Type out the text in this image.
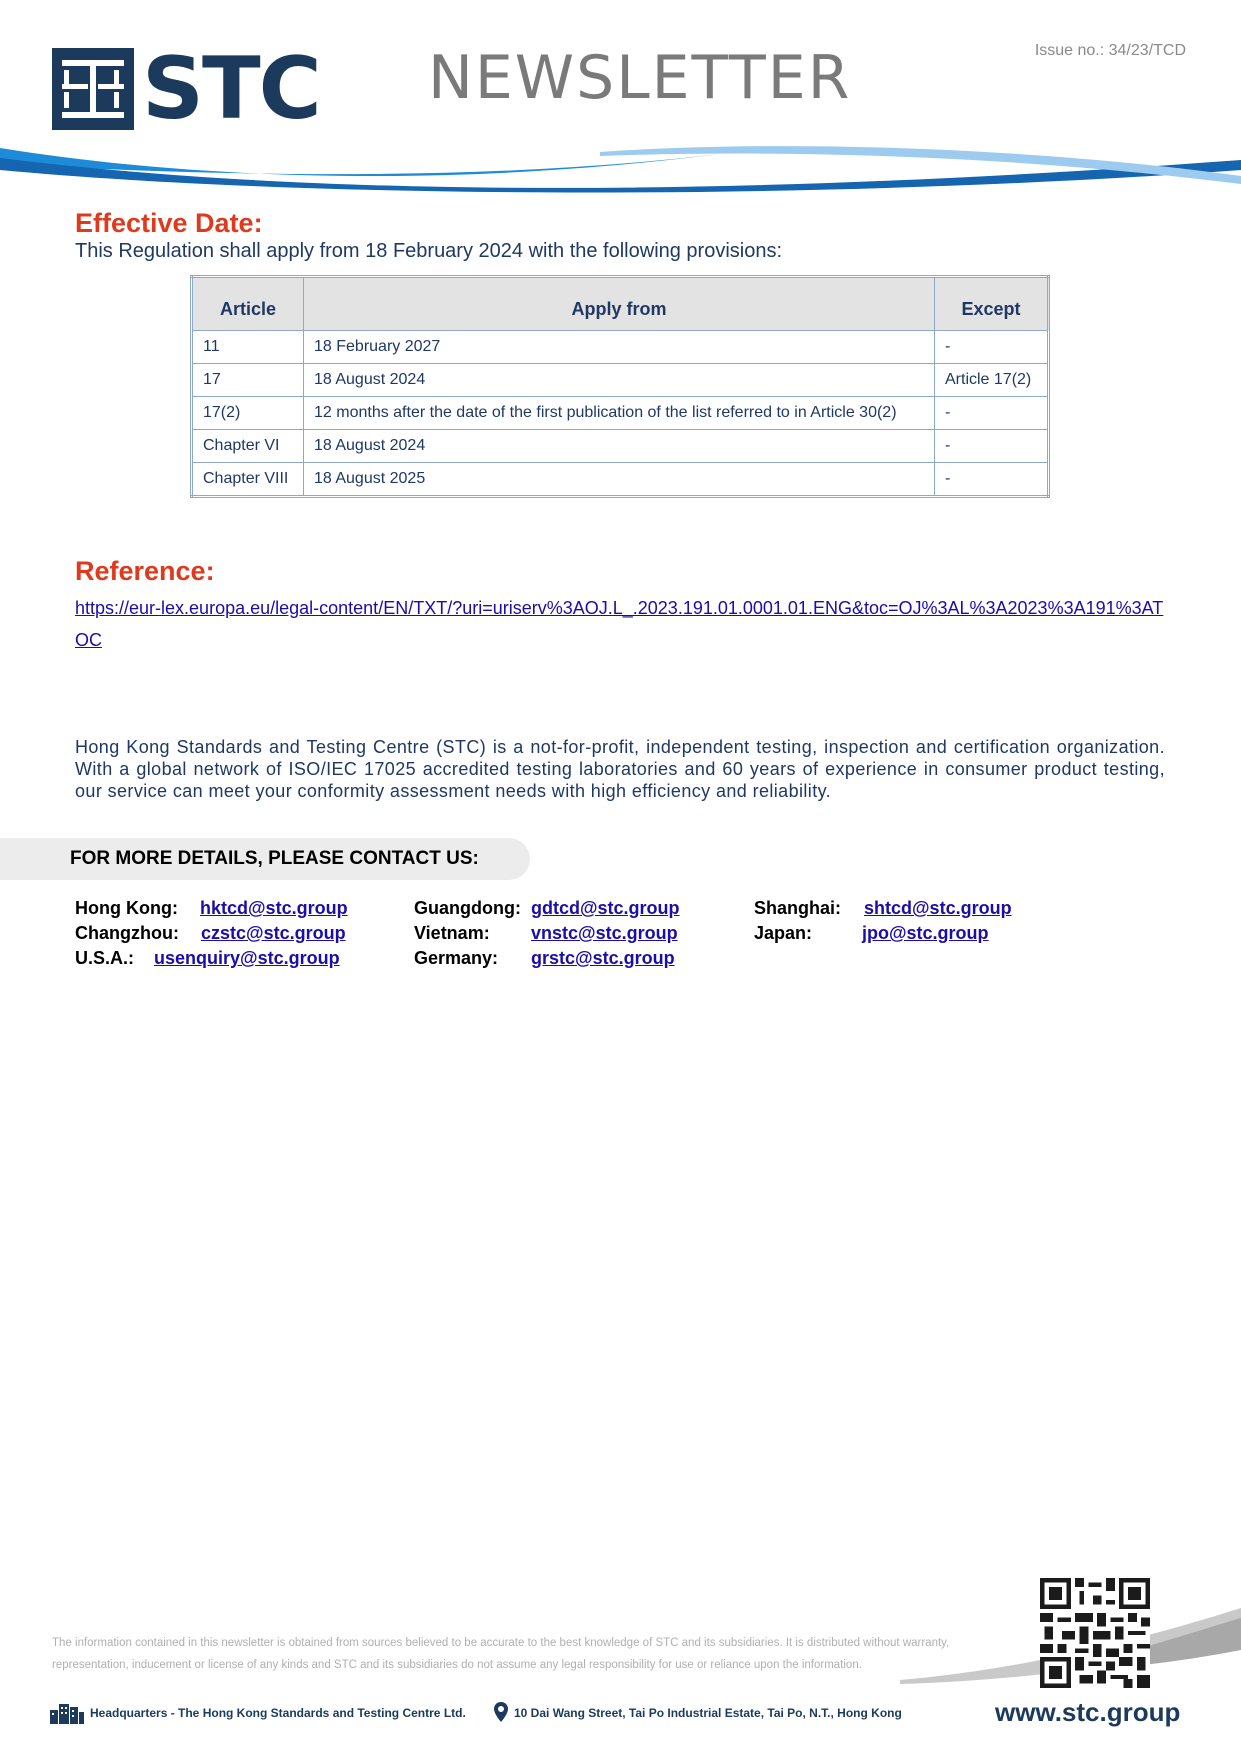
STC NEWSLETTER	Issue no.: 34/23/TCD
Effective Date:
This Regulation shall apply from 18 February 2024 with the following provisions:
Article	Apply from	Except
11	18 February 2027	-
17	18 August 2024	Article 17(2)
17(2)	12 months after the date of the first publication of the list referred to in Article 30(2)	-
Chapter VI	18 August 2024	-
Chapter VIII	18 August 2025	-
Reference:
https://eur-lex.europa.eu/legal-content/EN/TXT/?uri=uriserv%3AOJ.L_.2023.191.01.0001.01.ENG&toc=OJ%3AL%3A2023%3A191%3ATOC
Hong Kong Standards and Testing Centre (STC) is a not-for-profit, independent testing, inspection and certification organization. With a global network of ISO/IEC 17025 accredited testing laboratories and 60 years of experience in consumer product testing, our service can meet your conformity assessment needs with high efficiency and reliability.
FOR MORE DETAILS, PLEASE CONTACT US:
Hong Kong: hktcd@stc.group
Changzhou: czstc@stc.group
U.S.A.: usenquiry@stc.group
Guangdong: gdtcd@stc.group
Vietnam: vnstc@stc.group
Germany: grstc@stc.group
Shanghai: shtcd@stc.group
Japan:	jpo@stc.group
The information contained in this newsletter is obtained from sources believed to be accurate to the best knowledge of STC and its subsidiaries. It is distributed without warranty, representation, inducement or license of any kinds and STC and its subsidiaries do not assume any legal responsibility for use or reliance upon the information.
Headquarters - The Hong Kong Standards and Testing Centre Ltd.	10 Dai Wang Street, Tai Po Industrial Estate, Tai Po, N.T., Hong Kong	www.stc.group
